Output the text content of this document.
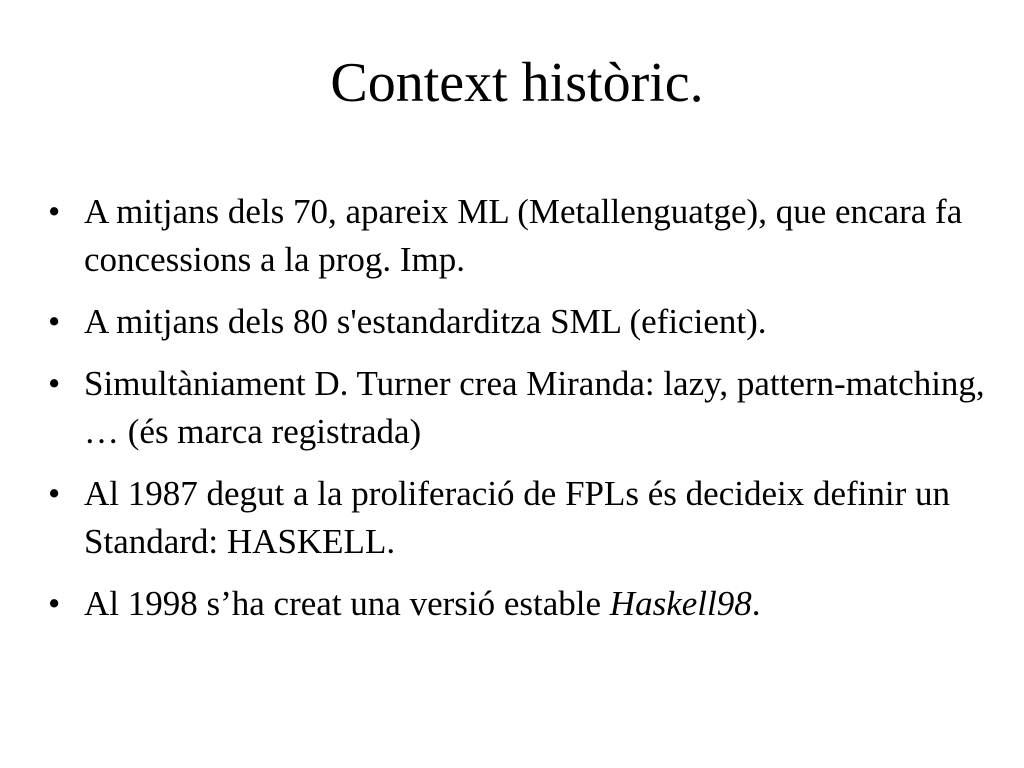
Context històric.
• A mitjans dels 70, apareix ML (Metallenguatge), que encara fa concessions a la prog. Imp.
• A mitjans dels 80 s'estandarditza SML (eficient).
• Simultàniament D. Turner crea Miranda: lazy, pattern-matching, … (és marca registrada)
• Al 1987 degut a la proliferació de FPLs és decideix definir un Standard: HASKELL.
• Al 1998 s’ha creat una versió estable Haskell98.
